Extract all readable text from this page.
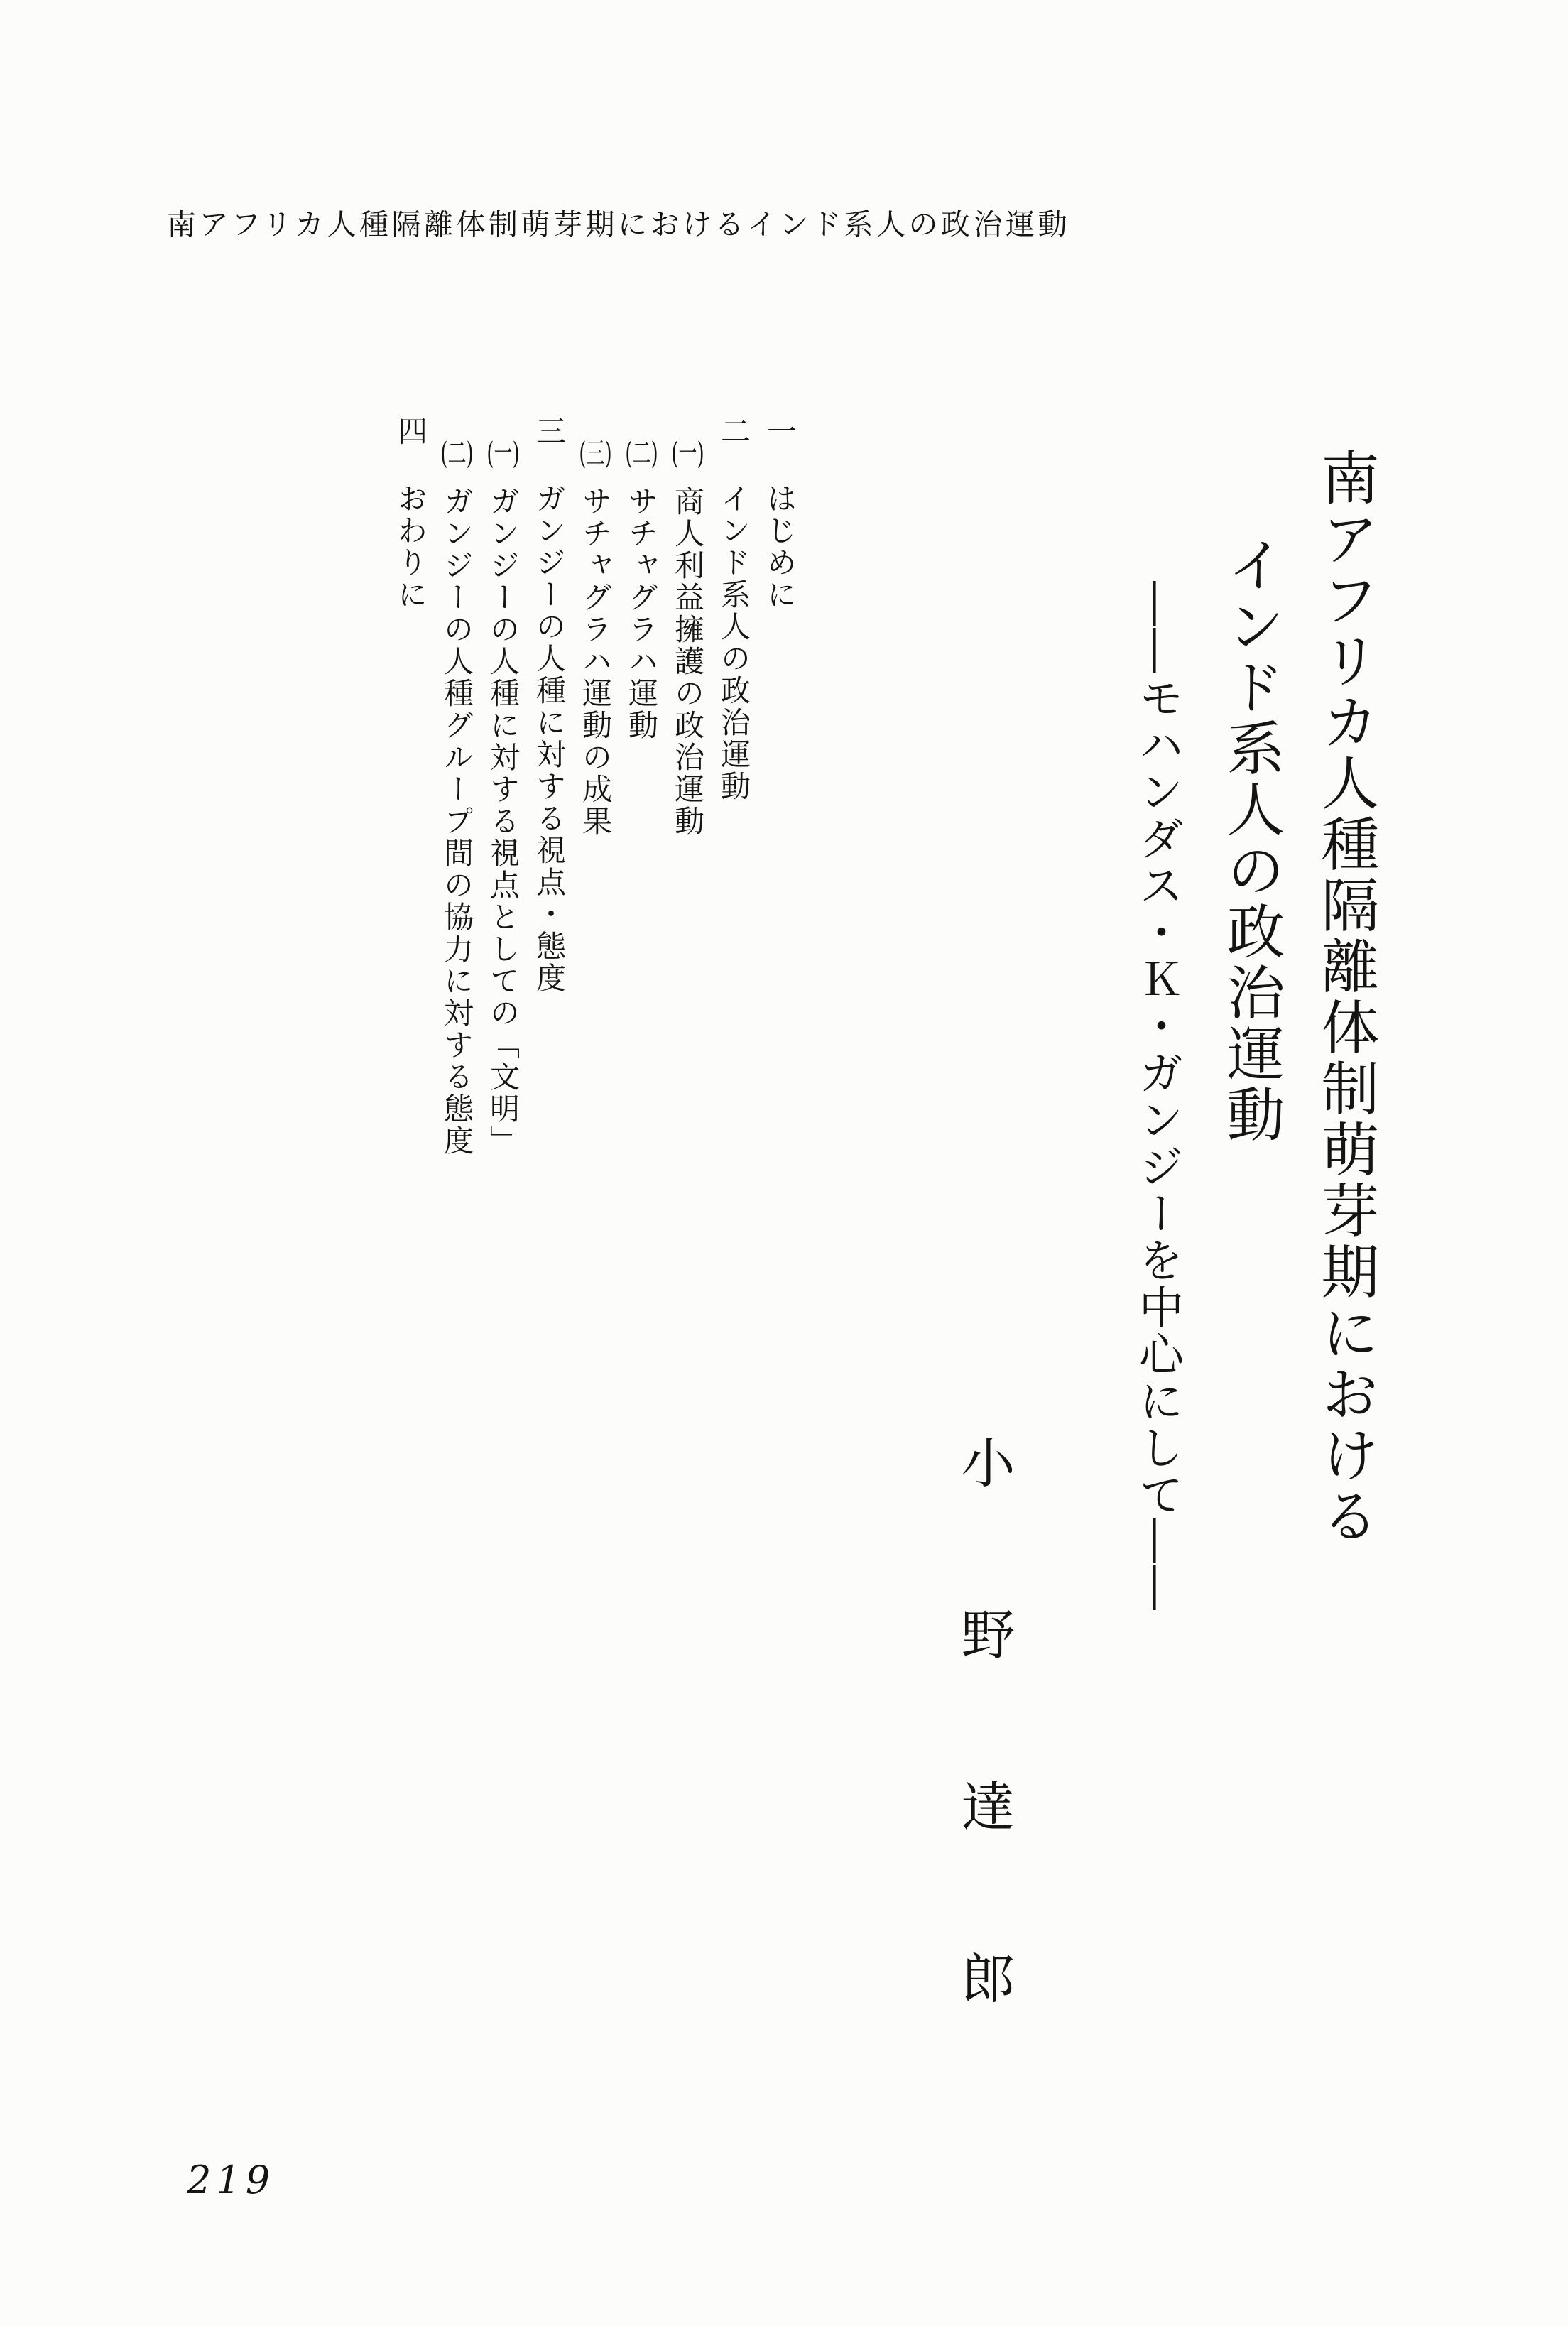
南アフリカ人種隔離体制萌芽期におけるインド系人の政治運動
南アフリカ人種隔離体制萌芽期における
インド系人の政治運動
――モハンダス・Ｋ・ガンジーを中心にして――
小野達郎
一
はじめに
二
インド系人の政治運動
(一)
商人利益擁護の政治運動
(二)
サチャグラハ運動
(三)
サチャグラハ運動の成果
三
ガンジーの人種に対する視点・態度
(一)
ガンジーの人種に対する視点としての「文明」
(二)
ガンジーの人種グループ間の協力に対する態度
四
おわりに
219
